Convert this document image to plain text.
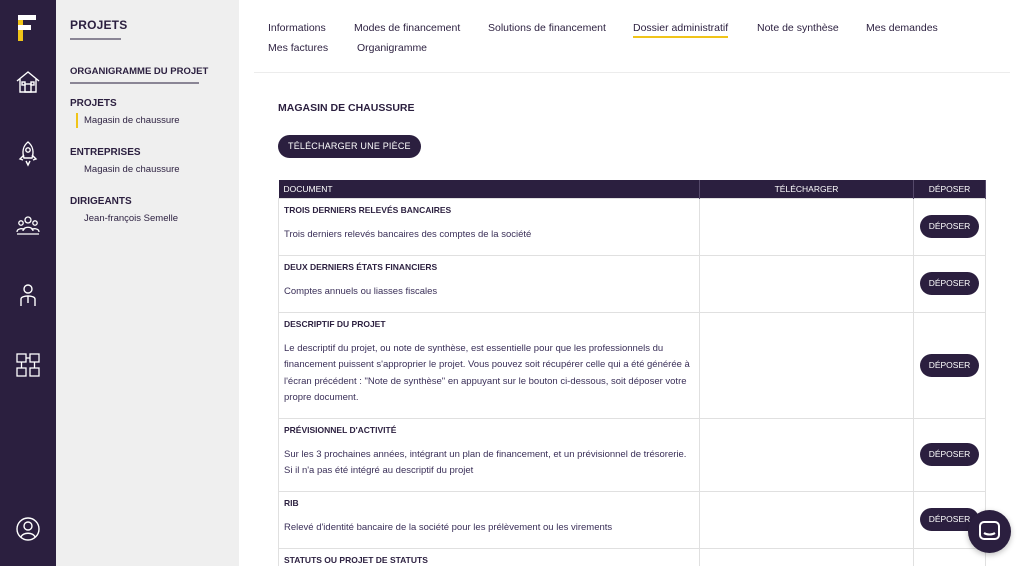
PROJETS
ORGANIGRAMME DU PROJET
PROJETS
Magasin de chaussure
ENTREPRISES
Magasin de chaussure
DIRIGEANTS
Jean-françois Semelle
Informations	Modes de financement	Solutions de financement	Dossier administratif	Note de synthèse	Mes demandes
Mes factures	Organigramme
MAGASIN DE CHAUSSURE
TÉLÉCHARGER UNE PIÈCE
DOCUMENT	TÉLÉCHARGER	DÉPOSER

TROIS DERNIERS RELEVÉS BANCAIRES
Trois derniers relevés bancaires des comptes de la société		DÉPOSER

DEUX DERNIERS ÉTATS FINANCIERS
Comptes annuels ou liasses fiscales		DÉPOSER

DESCRIPTIF DU PROJET
Le descriptif du projet, ou note de synthèse, est essentielle pour que les professionnels du financement puissent s'approprier le projet. Vous pouvez soit récupérer celle qui a été générée à l'écran précédent : "Note de synthèse" en appuyant sur le bouton ci-dessous, soit déposer votre propre document.		DÉPOSER

PRÉVISIONNEL D'ACTIVITÉ
Sur les 3 prochaines années, intégrant un plan de financement, et un prévisionnel de trésorerie. Si il n'a pas été intégré au descriptif du projet		DÉPOSER

RIB
Relevé d'identité bancaire de la société pour les prélèvement ou les virements		DÉPOSER

STATUTS OU PROJET DE STATUTS		
